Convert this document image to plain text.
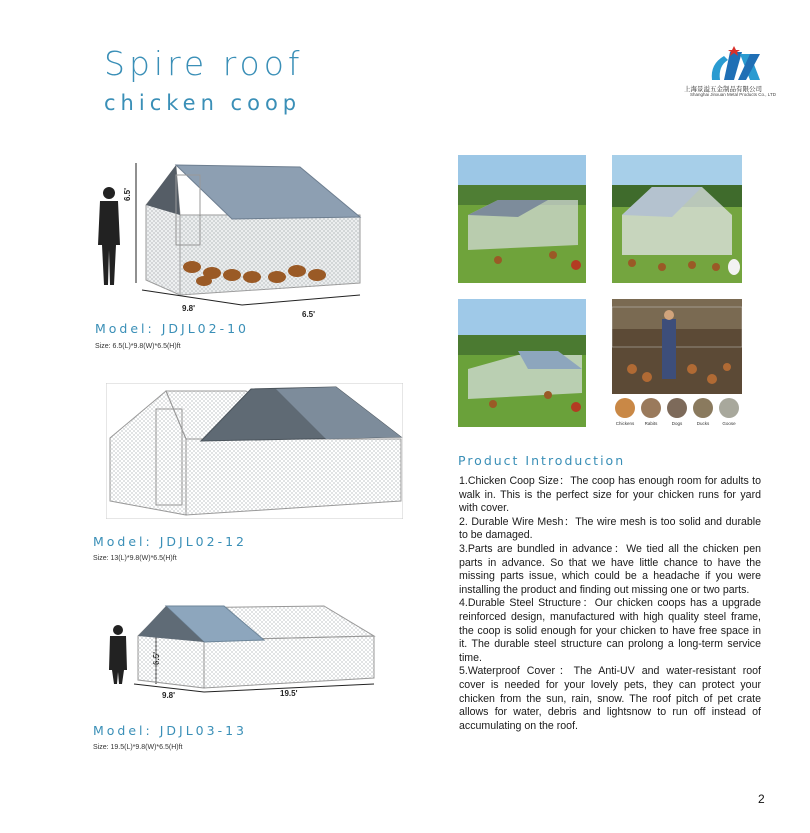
Spire roof
chicken coop
上海景溢五金制品有限公司
Shanghai Jinxuan Metal Products Co., LTD
6.5'
9.8'
6.5'
Model: JDJL02-10
Size: 6.5(L)*9.8(W)*6.5(H)ft
Model: JDJL02-12
Size: 13(L)*9.8(W)*6.5(H)ft
9.8'	19.5'
Model: JDJL03-13
Size: 19.5(L)*9.8(W)*6.5(H)ft
Chickens Rabits	Dogs	Ducks	Goose
Product Introduction

1.Chicken Coop Size：The coop has enough room for adults to walk in. This is the perfect size for your chicken runs for yard with cover.

2. Durable Wire Mesh：The wire mesh is too solid and durable to be damaged.

3.Parts are bundled in advance：We tied all the chicken pen parts in advance. So that we have little chance to have the missing parts issue, which could be a headache if you were installing the product and finding out missing one or two parts.

4.Durable Steel Structure：Our chicken coops has a upgrade reinforced design, manufactured with high quality steel frame, the coop is solid enough for your chicken to have free space in it. The durable steel structure can prolong a long-term service time.

5.Waterproof Cover：The Anti-UV and water-resistant roof cover is needed for your lovely pets, they can protect your chicken from the sun, rain, snow. The roof pitch of pet crate allows for water, debris and lightsnow to run off instead of accumulating on the roof.

2
